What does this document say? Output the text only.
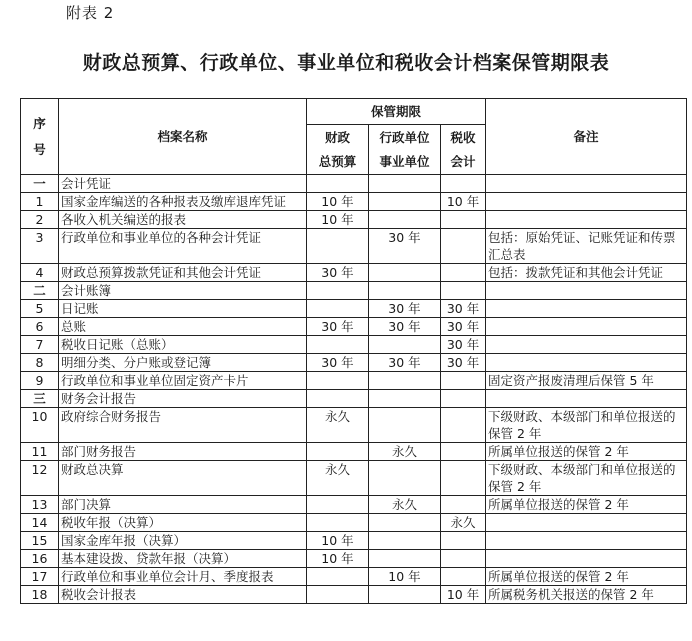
附表 2
财政总预算、行政单位、事业单位和税收会计档案保管期限表
序
号	档案名称	保管期限			备注
		财政	行政单位	税收	
		总预算	事业单位	会计	
一	会计凭证				
1	国家金库编送的各种报表及缴库退库凭证	10 年		10 年	
2	各收入机关编送的报表	10 年			
3	行政单位和事业单位的各种会计凭证		30 年		包括：原始凭证、记账凭证和传票汇总表
4	财政总预算拨款凭证和其他会计凭证	30 年			包括：拨款凭证和其他会计凭证
二	会计账簿				
5	日记账		30 年	30 年	
6	总账	30 年	30 年	30 年	
7	税收日记账（总账）			30 年	
8	明细分类、分户账或登记簿	30 年	30 年	30 年	
9	行政单位和事业单位固定资产卡片				固定资产报废清理后保管 5 年
三	财务会计报告				
10	政府综合财务报告	永久			下级财政、本级部门和单位报送的保管 2 年
11	部门财务报告		永久		所属单位报送的保管 2 年
12	财政总决算	永久			下级财政、本级部门和单位报送的保管 2 年
13	部门决算		永久		所属单位报送的保管 2 年
14	税收年报（决算）			永久	
15	国家金库年报（决算）	10 年			
16	基本建设拨、贷款年报（决算）	10 年			
17	行政单位和事业单位会计月、季度报表		10 年		所属单位报送的保管 2 年
18	税收会计报表			10 年	所属税务机关报送的保管 2 年
